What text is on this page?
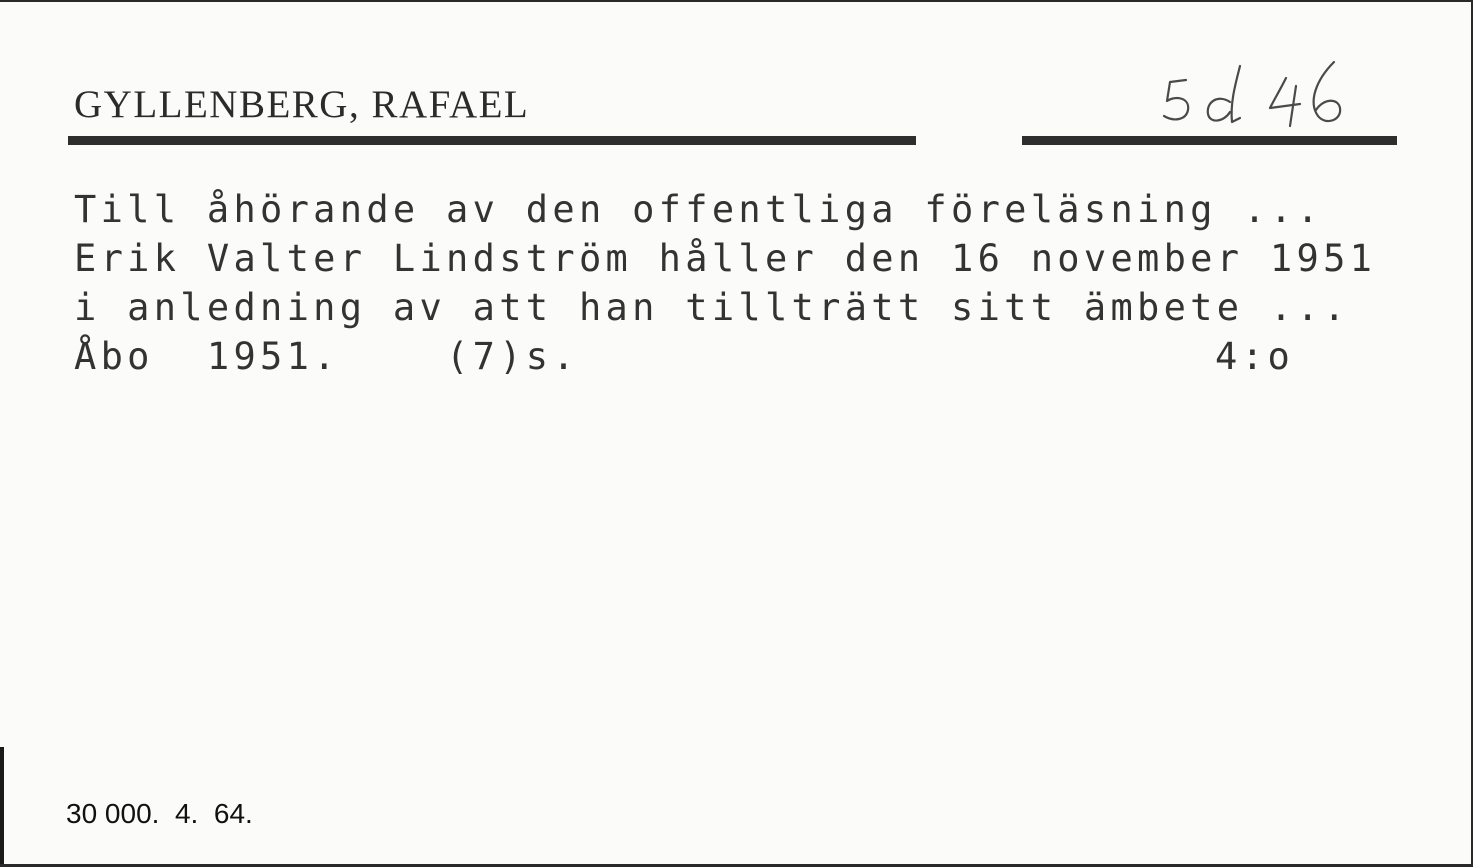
GYLLENBERG, RAFAEL
Till åhörande av den offentliga föreläsning ...
Erik Valter Lindström håller den 16 november 1951
i anledning av att han tillträtt sitt ämbete ...
Åbo  1951.    (7)s.	4:o
30 000.  4.  64.
